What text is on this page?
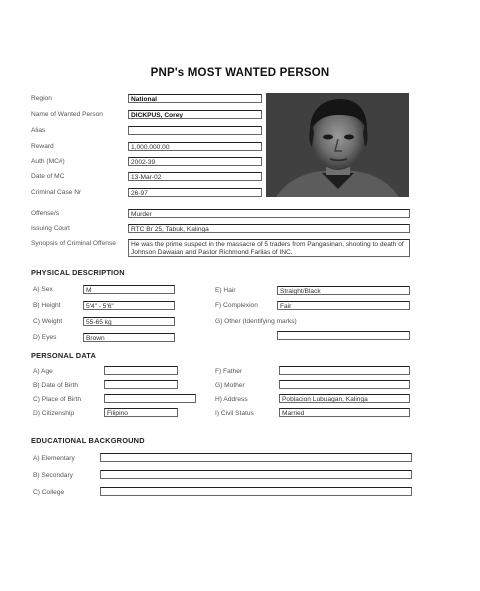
PNP's MOST WANTED PERSON
Region	National
Name of Wanted Person	DICKPUS, Corey
Alias
Reward	1,000,000.00
Auth (MC#)	2002-39
Date of MC	13-Mar-02
Criminal Case Nr	26-97
Offense/s	Murder
Issuing Court	RTC Br 25, Tabuk, Kalinga
Synopsis of Criminal Offense	He was the prime suspect in the massacre of 5 traders from Pangasinan, shooting to death of Johnson Dawaian and Pastor Richmond Farlias of INC.
PHYSICAL DESCRIPTION
A) Sex	M
B) Height	5'4" - 5'6"
C) Weight	55-65 kg
D) Eyes	Brown
E) Hair	Straight/Black
F) Complexion	Fair
G) Other (Identifying marks)
PERSONAL DATA
A) Age
B) Date of Birth
C) Place of Birth
D) Citizenship	Filipino
F) Father
G) Mother
H) Address	Poblacion Lubuagan, Kalinga
I) Civil Status	Married
EDUCATIONAL BACKGROUND
A) Elementary
B) Secondary
C) College
